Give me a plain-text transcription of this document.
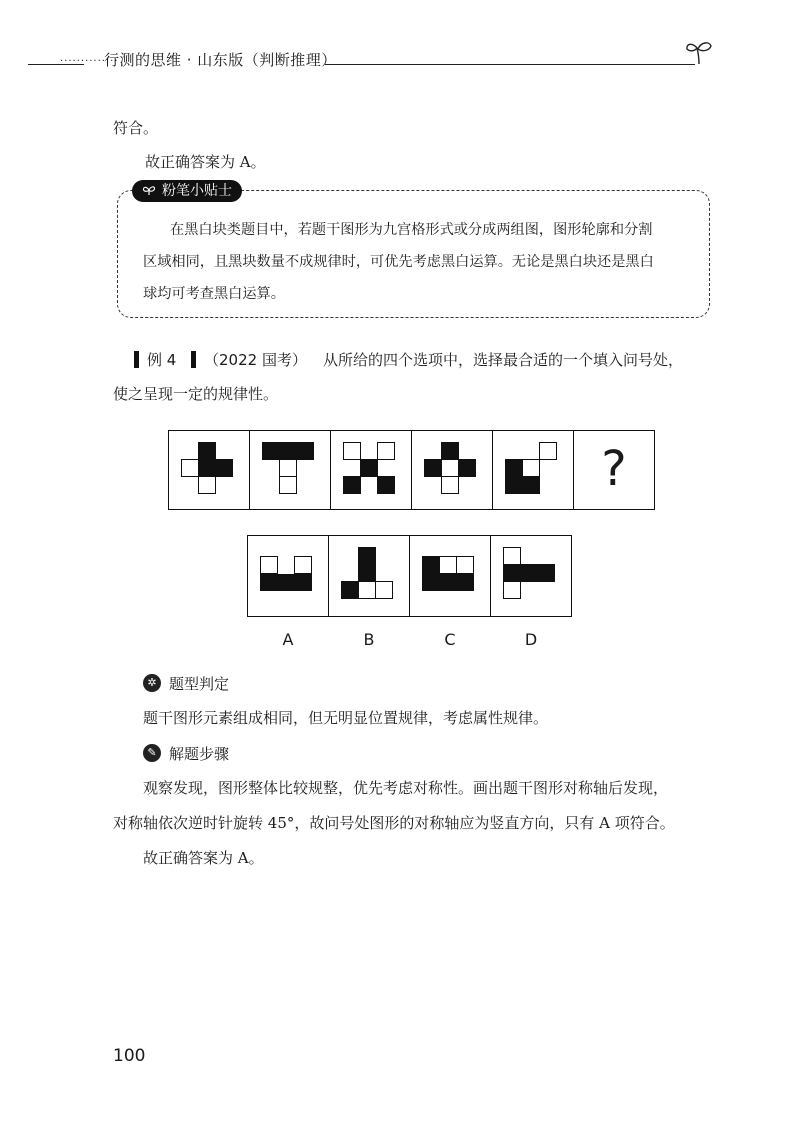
··············
行测的思维 · 山东版（判断推理）
符合。
故正确答案为 A。
粉笔小贴士
在黑白块类题目中，若题干图形为九宫格形式或分成两组图，图形轮廓和分割
区域相同，且黑块数量不成规律时，可优先考虑黑白运算。无论是黑白块还是黑白
球均可考查黑白运算。
例 4 （2022 国考） 从所给的四个选项中，选择最合适的一个填入问号处，
使之呈现一定的规律性。
?
A	B	C	D
✲ 题型判定
题干图形元素组成相同，但无明显位置规律，考虑属性规律。
✎ 解题步骤
观察发现，图形整体比较规整，优先考虑对称性。画出题干图形对称轴后发现，
对称轴依次逆时针旋转 45°，故问号处图形的对称轴应为竖直方向，只有 A 项符合。
故正确答案为 A。
100
